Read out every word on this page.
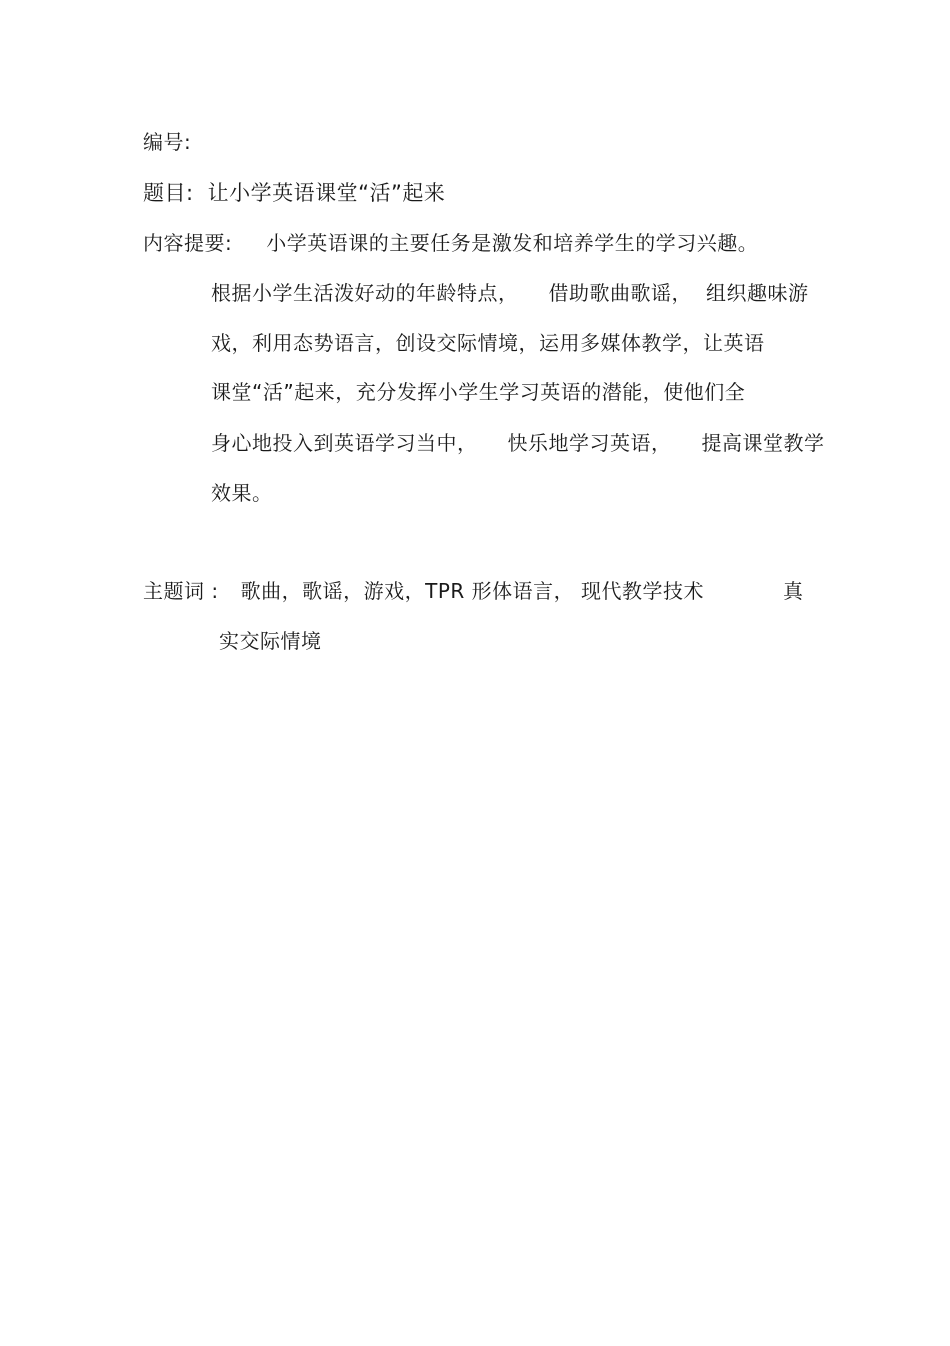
编号:
题目: 让小学英语课堂“活”起来
内容提要: 小学英语课的主要任务是激发和培养学生的学习兴趣。
根据小学生活泼好动的年龄特点， 借助歌曲歌谣， 组织趣味游
戏，利用态势语言，创设交际情境，运用多媒体教学，让英语
课堂“活”起来，充分发挥小学生学习英语的潜能，使他们全
身心地投入到英语学习当中， 快乐地学习英语， 提高课堂教学
效果。
主题词 : 歌曲，歌谣，游戏，TPR 形体语言， 现代教学技术	真
实交际情境
